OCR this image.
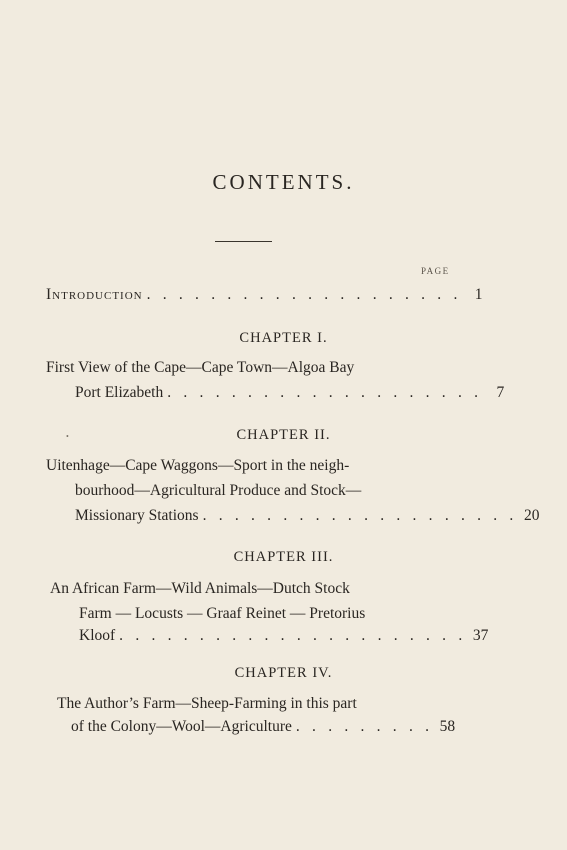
CONTENTS.
PAGE
Introduction . . . . . . . . . . . . . . . . . . . . 1
CHAPTER I.
First View of the Cape—Cape Town—Algoa Bay
Port Elizabeth . . . . . . . . . . . . . . . . . . . . 7
•	CHAPTER II.
Uitenhage—Cape Waggons—Sport in the neigh-
bourhood—Agricultural Produce and Stock—
Missionary Stations . . . . . . . . . . . . . . . . . . . . 20
CHAPTER III.
An African Farm—Wild Animals—Dutch Stock
Farm — Locusts — Graaf Reinet — Pretorius
Kloof . . . . . . . . . . . . . . . . . . . . . . 37
CHAPTER IV.
The Author’s Farm—Sheep-Farming in this part
of the Colony—Wool—Agriculture . . . . . . . . . 58
